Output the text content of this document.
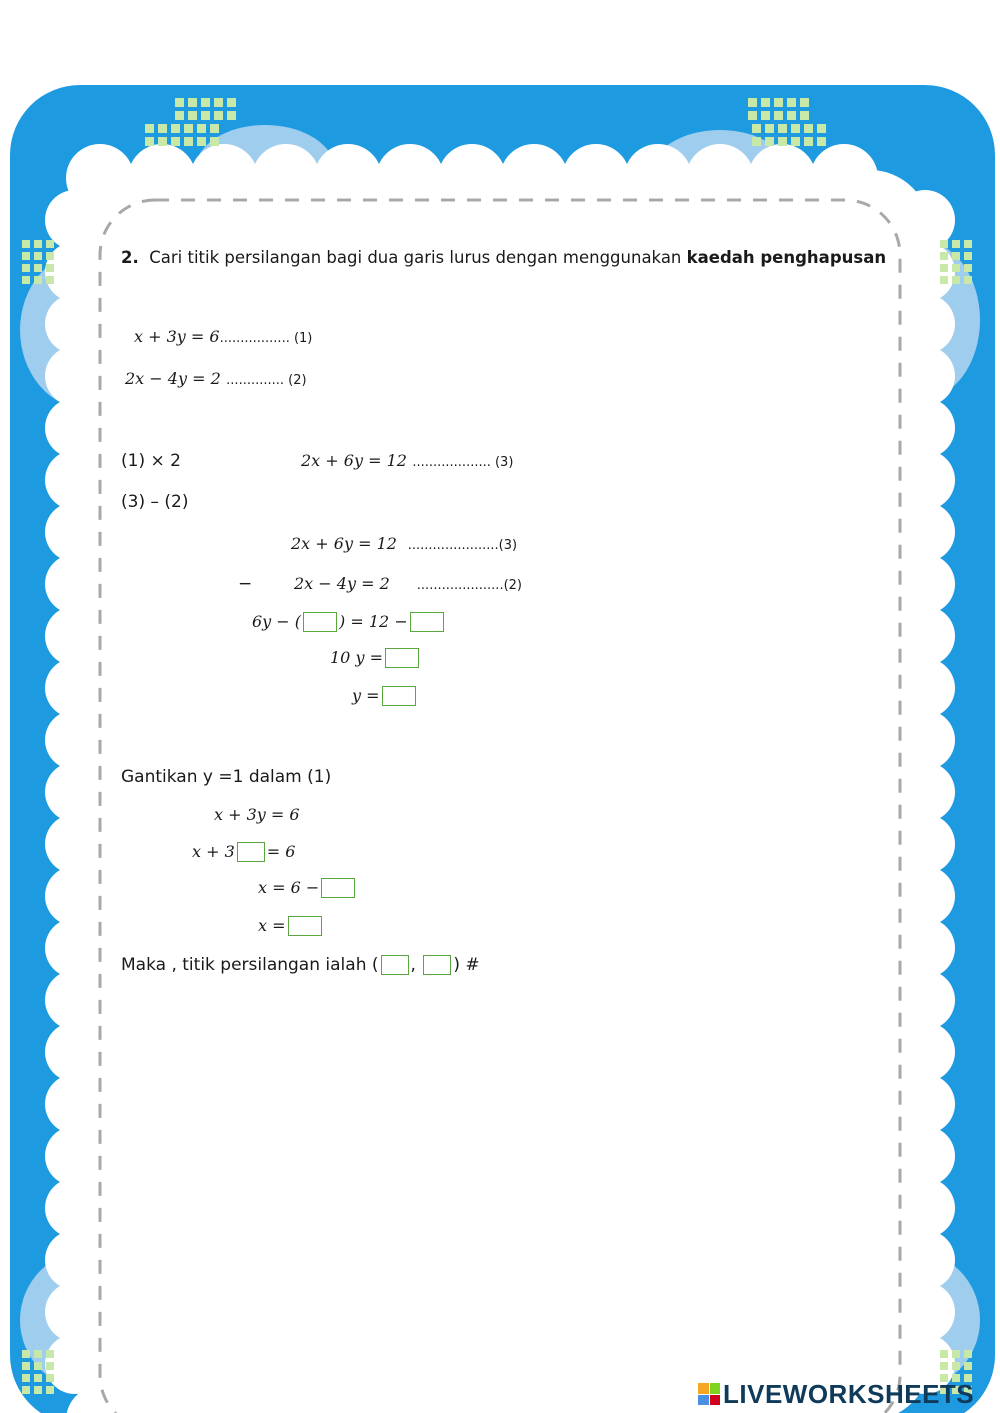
2. Cari titik persilangan bagi dua garis lurus dengan menggunakan kaedah penghapusan
x + 3y = 6................. (1)
2x − 4y = 2 .............. (2)
(1) × 2	2x + 6y = 12 ................... (3)
(3) – (2)
2x + 6y = 12 ......................(3)
−	2x − 4y = 2 .....................(2)
6y − ( ) = 12 −
10 y =
y =
Gantikan y =1 dalam (1)
x + 3y = 6
x + 3 = 6
x = 6 −
x =
Maka , titik persilangan ialah ( , ) #
LIVEWORKSHEETS
